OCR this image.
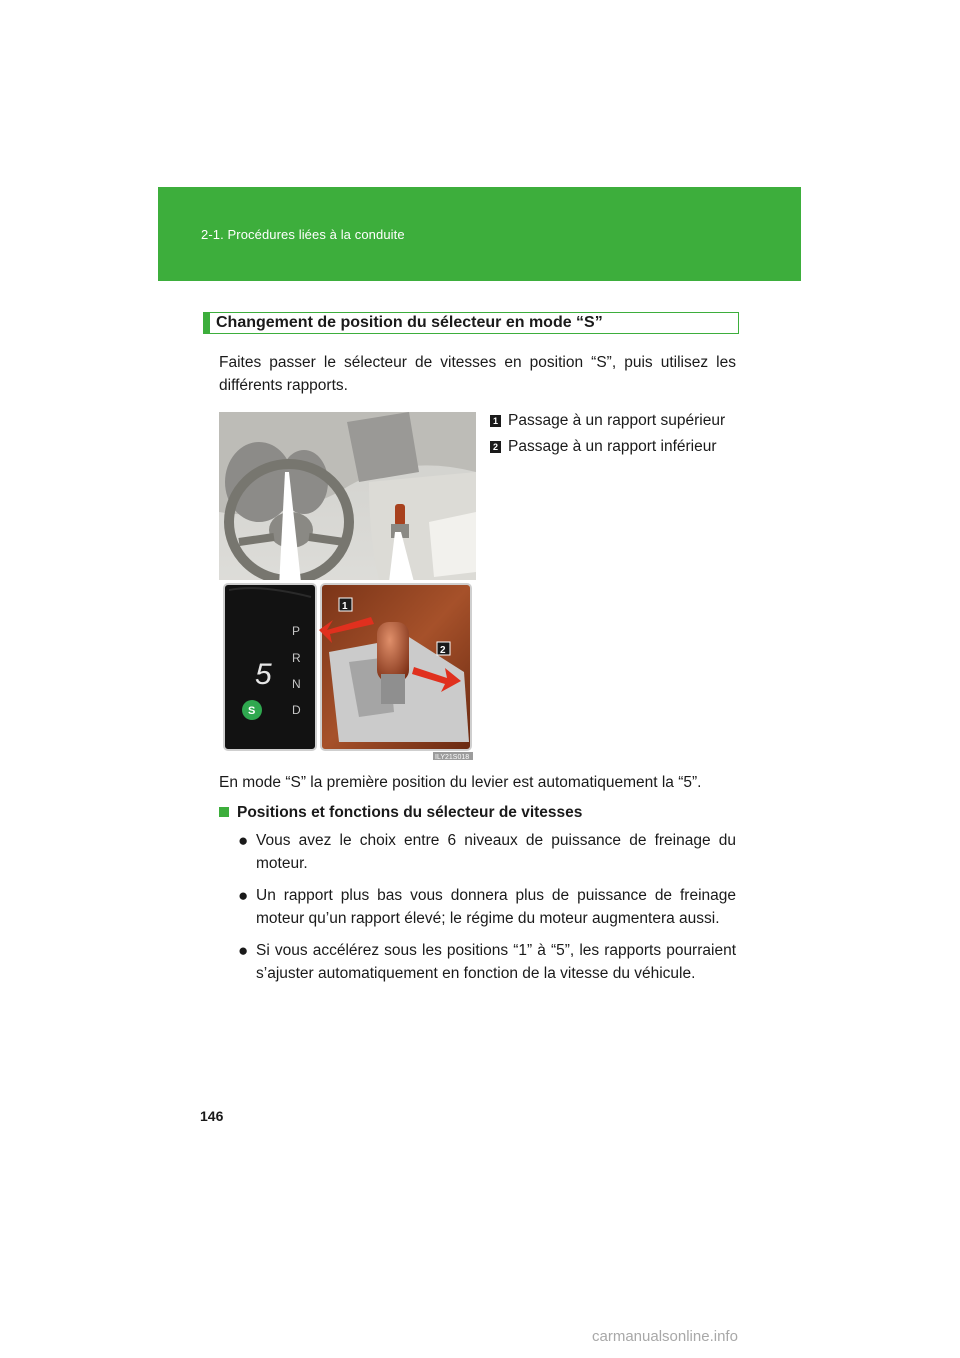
2-1. Procédures liées à la conduite
Changement de position du sélecteur en mode “S”
Faites passer le sélecteur de vitesses en position “S”, puis utilisez les différents rapports.
1 Passage à un rapport supérieur
2 Passage à un rapport inférieur
5
P
R
N
D
S
1
2
ILY21S018
En mode “S” la première position du levier est automatiquement la “5”.
Positions et fonctions du sélecteur de vitesses
● Vous avez le choix entre 6 niveaux de puissance de freinage du moteur.
● Un rapport plus bas vous donnera plus de puissance de freinage moteur qu’un rapport élevé; le régime du moteur augmentera aussi.
● Si vous accélérez sous les positions “1” à “5”, les rapports pourraient s’ajuster automatiquement en fonction de la vitesse du véhicule.
146
carmanualsonline.info
